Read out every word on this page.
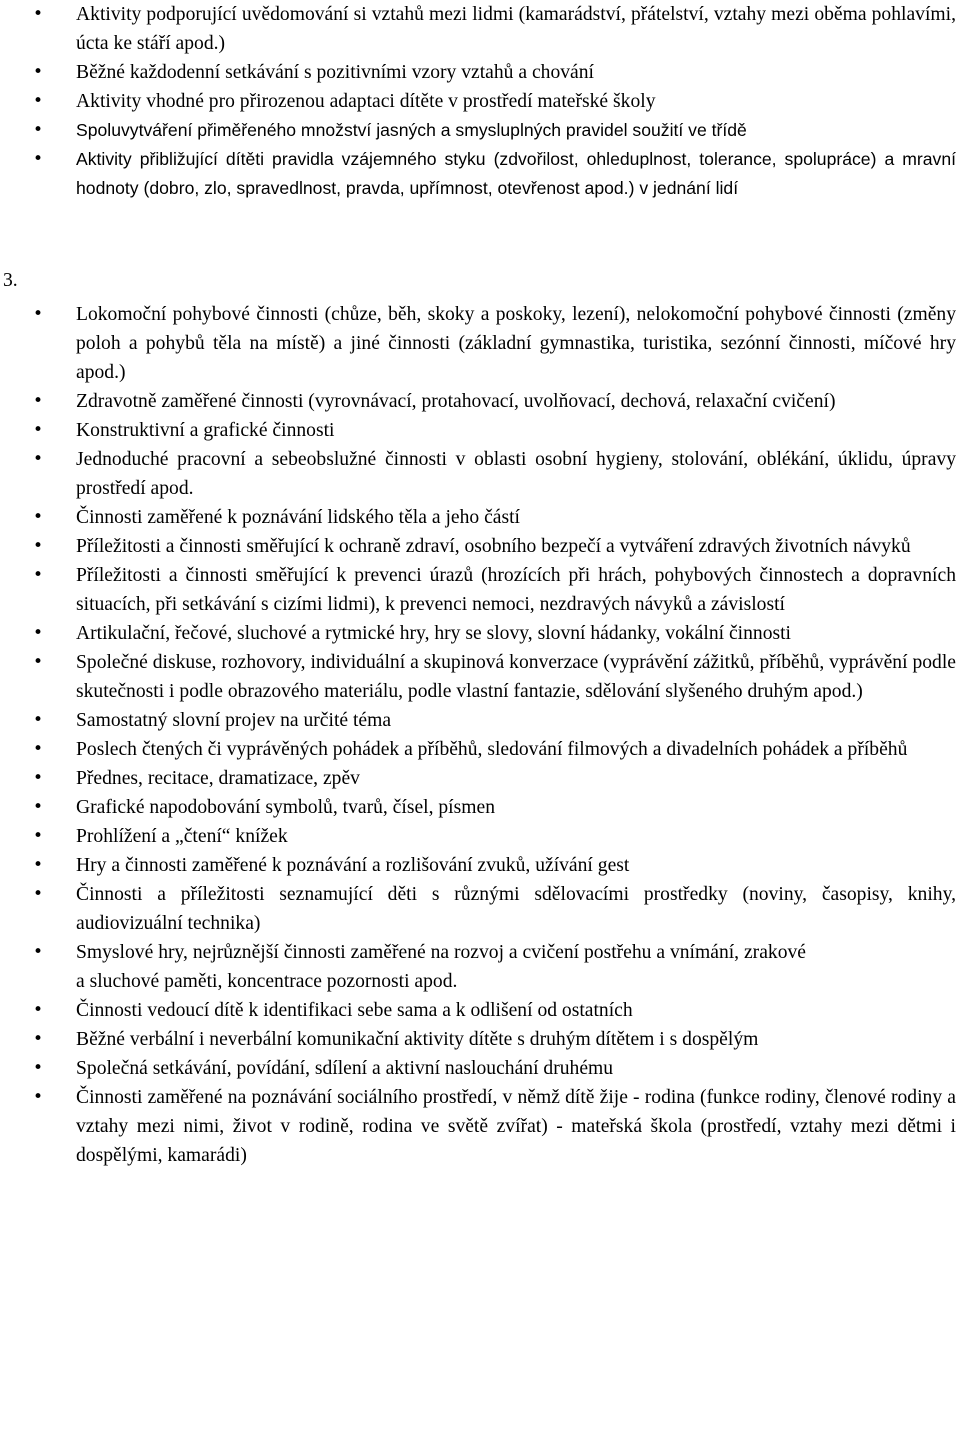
• Aktivity podporující uvědomování si vztahů mezi lidmi (kamarádství, přátelství, vztahy mezi oběma pohlavími, úcta ke stáří apod.)
• Běžné každodenní setkávání s pozitivními vzory vztahů a chování
• Aktivity vhodné pro přirozenou adaptaci dítěte v prostředí mateřské školy
• Spoluvytváření přiměřeného množství jasných a smysluplných pravidel soužití ve třídě
• Aktivity přibližující dítěti pravidla vzájemného styku (zdvořilost, ohleduplnost, tolerance, spolupráce) a mravní hodnoty (dobro, zlo, spravedlnost, pravda, upřímnost, otevřenost apod.) v jednání lidí
3.
• Lokomoční pohybové činnosti (chůze, běh, skoky a poskoky, lezení), nelokomoční pohybové činnosti (změny poloh a pohybů těla na místě) a jiné činnosti (základní gymnastika, turistika, sezónní činnosti, míčové hry apod.)
• Zdravotně zaměřené činnosti (vyrovnávací, protahovací, uvolňovací, dechová, relaxační cvičení)
• Konstruktivní a grafické činnosti
• Jednoduché pracovní a sebeobslužné činnosti v oblasti osobní hygieny, stolování, oblékání, úklidu, úpravy prostředí apod.
• Činnosti zaměřené k poznávání lidského těla a jeho částí
• Příležitosti a činnosti směřující k ochraně zdraví, osobního bezpečí a vytváření zdravých životních návyků
• Příležitosti a činnosti směřující k prevenci úrazů (hrozících při hrách, pohybových činnostech a dopravních situacích, při setkávání s cizími lidmi), k prevenci nemoci, nezdravých návyků a závislostí
• Artikulační, řečové, sluchové a rytmické hry, hry se slovy, slovní hádanky, vokální činnosti
• Společné diskuse, rozhovory, individuální a skupinová konverzace (vyprávění zážitků, příběhů, vyprávění podle skutečnosti i podle obrazového materiálu, podle vlastní fantazie, sdělování slyšeného druhým apod.)
• Samostatný slovní projev na určité téma
• Poslech čtených či vyprávěných pohádek a příběhů, sledování filmových a divadelních pohádek a příběhů
• Přednes, recitace, dramatizace, zpěv
• Grafické napodobování symbolů, tvarů, čísel, písmen
• Prohlížení a „čtení“ knížek
• Hry a činnosti zaměřené k poznávání a rozlišování zvuků, užívání gest
• Činnosti a příležitosti seznamující děti s různými sdělovacími prostředky (noviny, časopisy, knihy, audiovizuální technika)
• Smyslové hry, nejrůznější činnosti zaměřené na rozvoj a cvičení postřehu a vnímání, zrakové
a sluchové paměti, koncentrace pozornosti apod.
• Činnosti vedoucí dítě k identifikaci sebe sama a k odlišení od ostatních
• Běžné verbální i neverbální komunikační aktivity dítěte s druhým dítětem i s dospělým
• Společná setkávání, povídání, sdílení a aktivní naslouchání druhému
• Činnosti zaměřené na poznávání sociálního prostředí, v němž dítě žije - rodina (funkce rodiny, členové rodiny a vztahy mezi nimi, život v rodině, rodina ve světě zvířat) - mateřská škola (prostředí, vztahy mezi dětmi i dospělými, kamarádi)
